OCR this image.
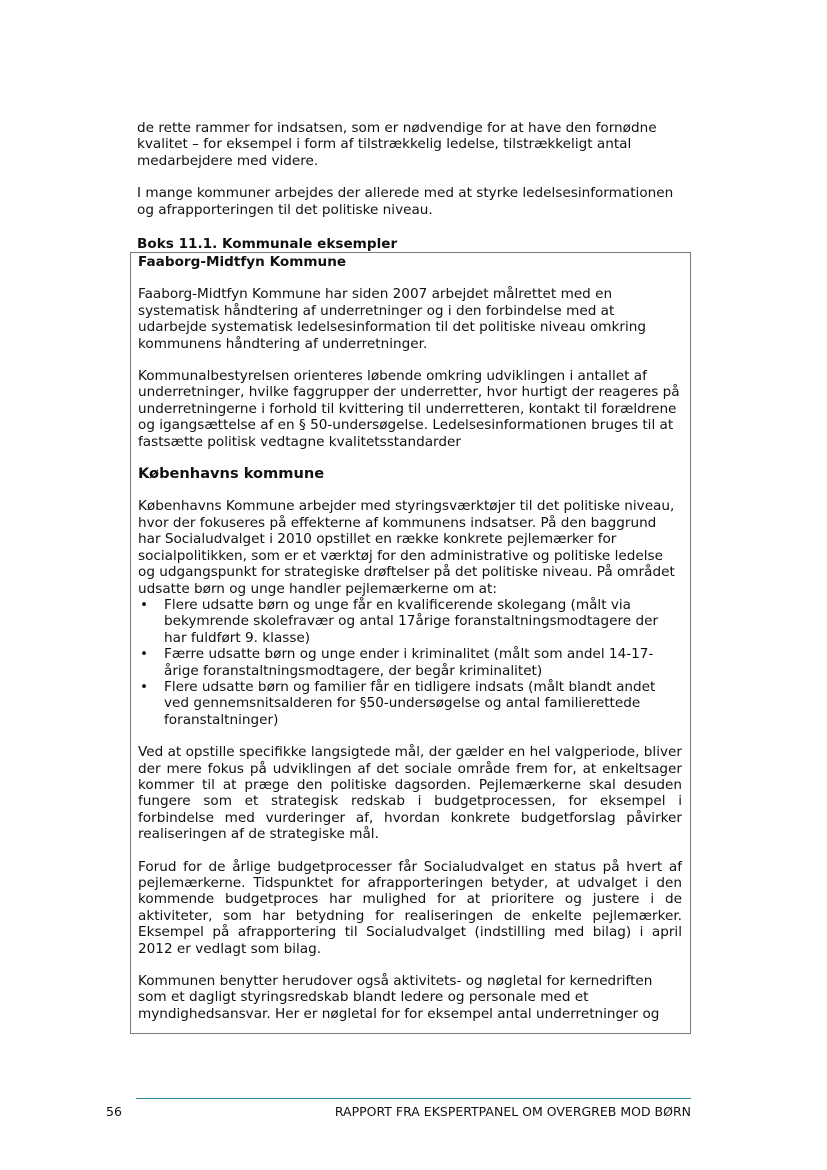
de rette rammer for indsatsen, som er nødvendige for at have den fornødne kvalitet – for eksempel i form af tilstrækkelig ledelse, tilstrækkeligt antal medarbejdere med videre.

I mange kommuner arbejdes der allerede med at styrke ledelsesinformationen og afrapporteringen til det politiske niveau.

Boks 11.1. Kommunale eksempler

Faaborg-Midtfyn Kommune

Faaborg-Midtfyn Kommune har siden 2007 arbejdet målrettet med en systematisk håndtering af underretninger og i den forbindelse med at udarbejde systematisk ledelsesinformation til det politiske niveau omkring kommunens håndtering af underretninger.

Kommunalbestyrelsen orienteres løbende omkring udviklingen i antallet af underretninger, hvilke faggrupper der underretter, hvor hurtigt der reageres på underretningerne i forhold til kvittering til underretteren, kontakt til forældrene og igangsættelse af en § 50-undersøgelse. Ledelsesinformationen bruges til at fastsætte politisk vedtagne kvalitetsstandarder

Københavns kommune

Københavns Kommune arbejder med styringsværktøjer til det politiske niveau, hvor der fokuseres på effekterne af kommunens indsatser. På den baggrund har Socialudvalget i 2010 opstillet en række konkrete pejlemærker for socialpolitikken, som er et værktøj for den administrative og politiske ledelse og udgangspunkt for strategiske drøftelser på det politiske niveau. På området udsatte børn og unge handler pejlemærkerne om at:

• Flere udsatte børn og unge får en kvalificerende skolegang (målt via bekymrende skolefravær og antal 17årige foranstaltningsmodtagere der har fuldført 9. klasse)
• Færre udsatte børn og unge ender i kriminalitet (målt som andel 14-17-årige foranstaltningsmodtagere, der begår kriminalitet)
• Flere udsatte børn og familier får en tidligere indsats (målt blandt andet ved gennemsnitsalderen for §50-undersøgelse og antal familierettede foranstaltninger)

Ved at opstille specifikke langsigtede mål, der gælder en hel valgperiode, bliver der mere fokus på udviklingen af det sociale område frem for, at enkeltsager kommer til at præge den politiske dagsorden. Pejlemærkerne skal desuden fungere som et strategisk redskab i budgetprocessen, for eksempel i forbindelse med vurderinger af, hvordan konkrete budgetforslag påvirker realiseringen af de strategiske mål.

Forud for de årlige budgetprocesser får Socialudvalget en status på hvert af pejlemærkerne. Tidspunktet for afrapporteringen betyder, at udvalget i den kommende budgetproces har mulighed for at prioritere og justere i de aktiviteter, som har betydning for realiseringen de enkelte pejlemærker. Eksempel på afrapportering til Socialudvalget (indstilling med bilag) i april 2012 er vedlagt som bilag.

Kommunen benytter herudover også aktivitets- og nøgletal for kernedriften som et dagligt styringsredskab blandt ledere og personale med et myndighedsansvar. Her er nøgletal for for eksempel antal underretninger og

56	RAPPORT FRA EKSPERTPANEL OM OVERGREB MOD BØRN
